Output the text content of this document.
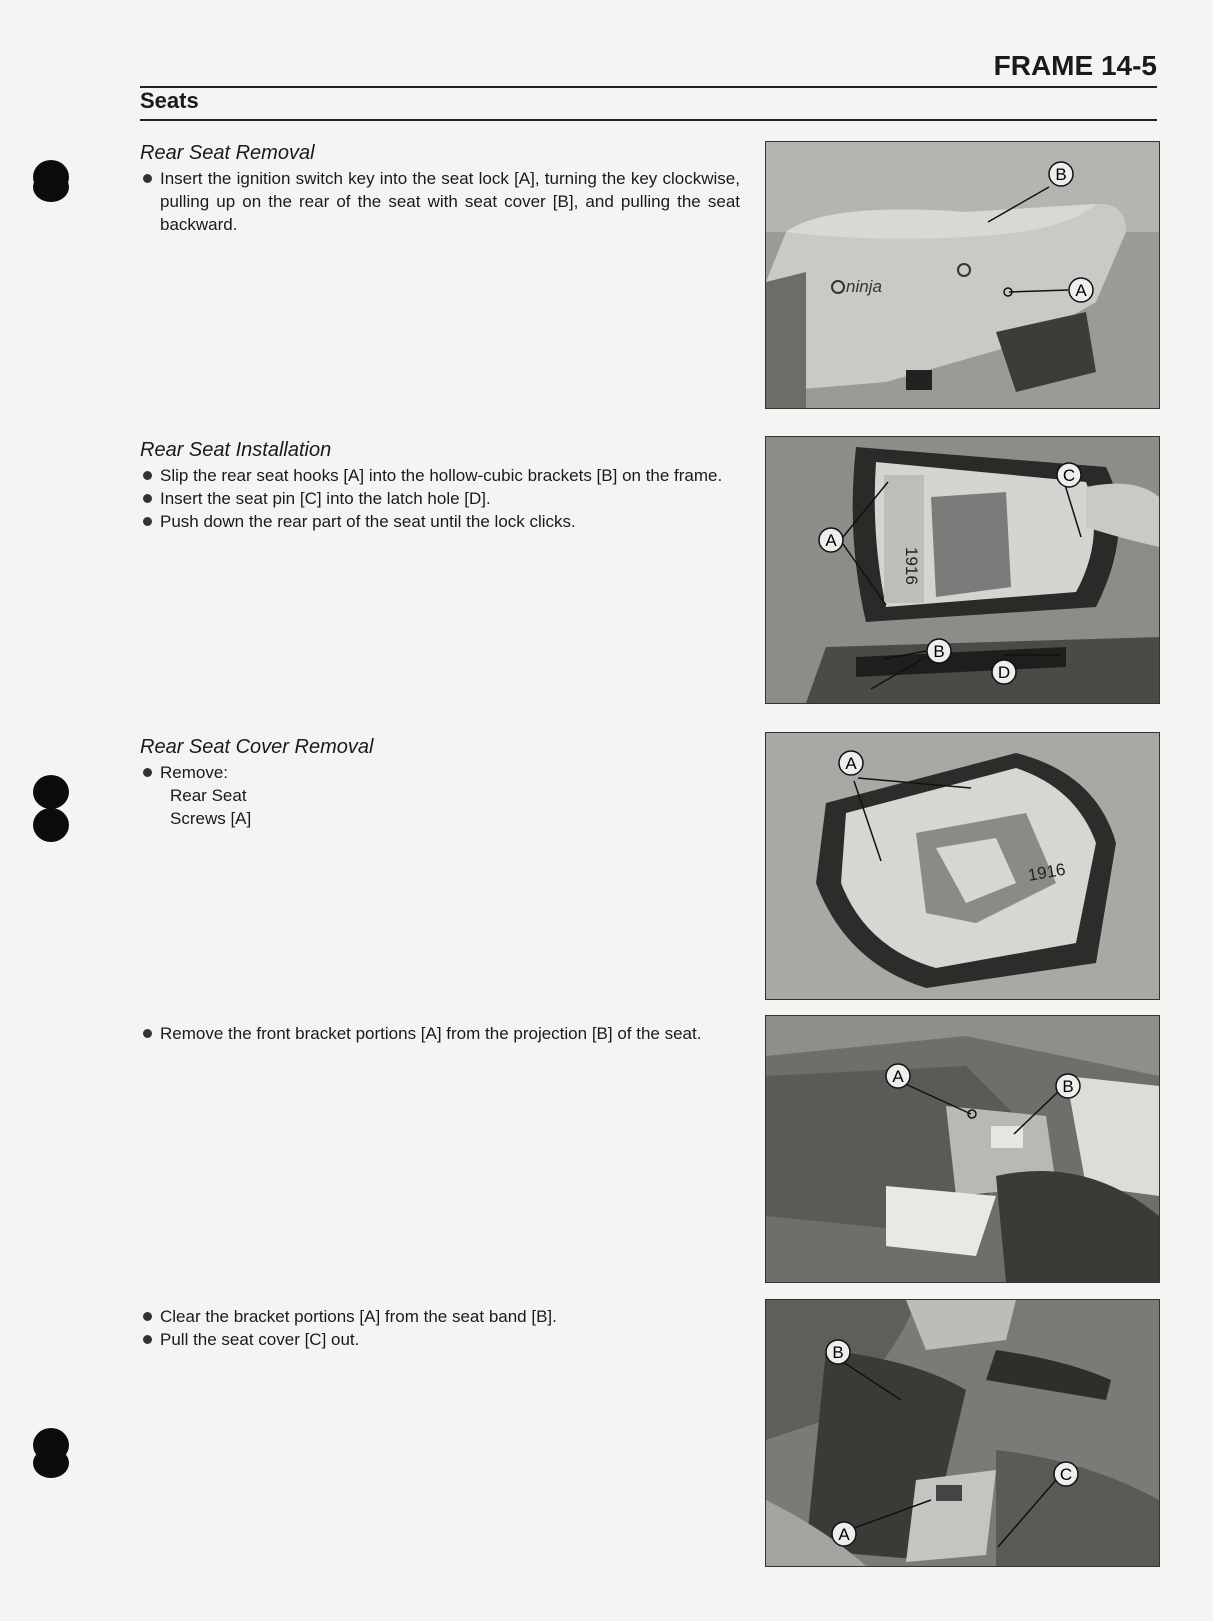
FRAME 14-5
Seats
Rear Seat Removal
Insert the ignition switch key into the seat lock [A], turning the key clockwise, pulling up on the rear of the seat with seat cover [B], and pulling the seat backward.
Rear Seat Installation
Slip the rear seat hooks [A] into the hollow-cubic brackets [B] on the frame.
Insert the seat pin [C] into the latch hole [D].
Push down the rear part of the seat until the lock clicks.
Rear Seat Cover Removal
Remove:
Rear Seat
Screws [A]
Remove the front bracket portions [A] from the projection [B] of the seat.
Clear the bracket portions [A] from the seat band [B].
Pull the seat cover [C] out.
ninja
B
A
C
A
B
D
1916
A
1916
A
B
B
C
A
